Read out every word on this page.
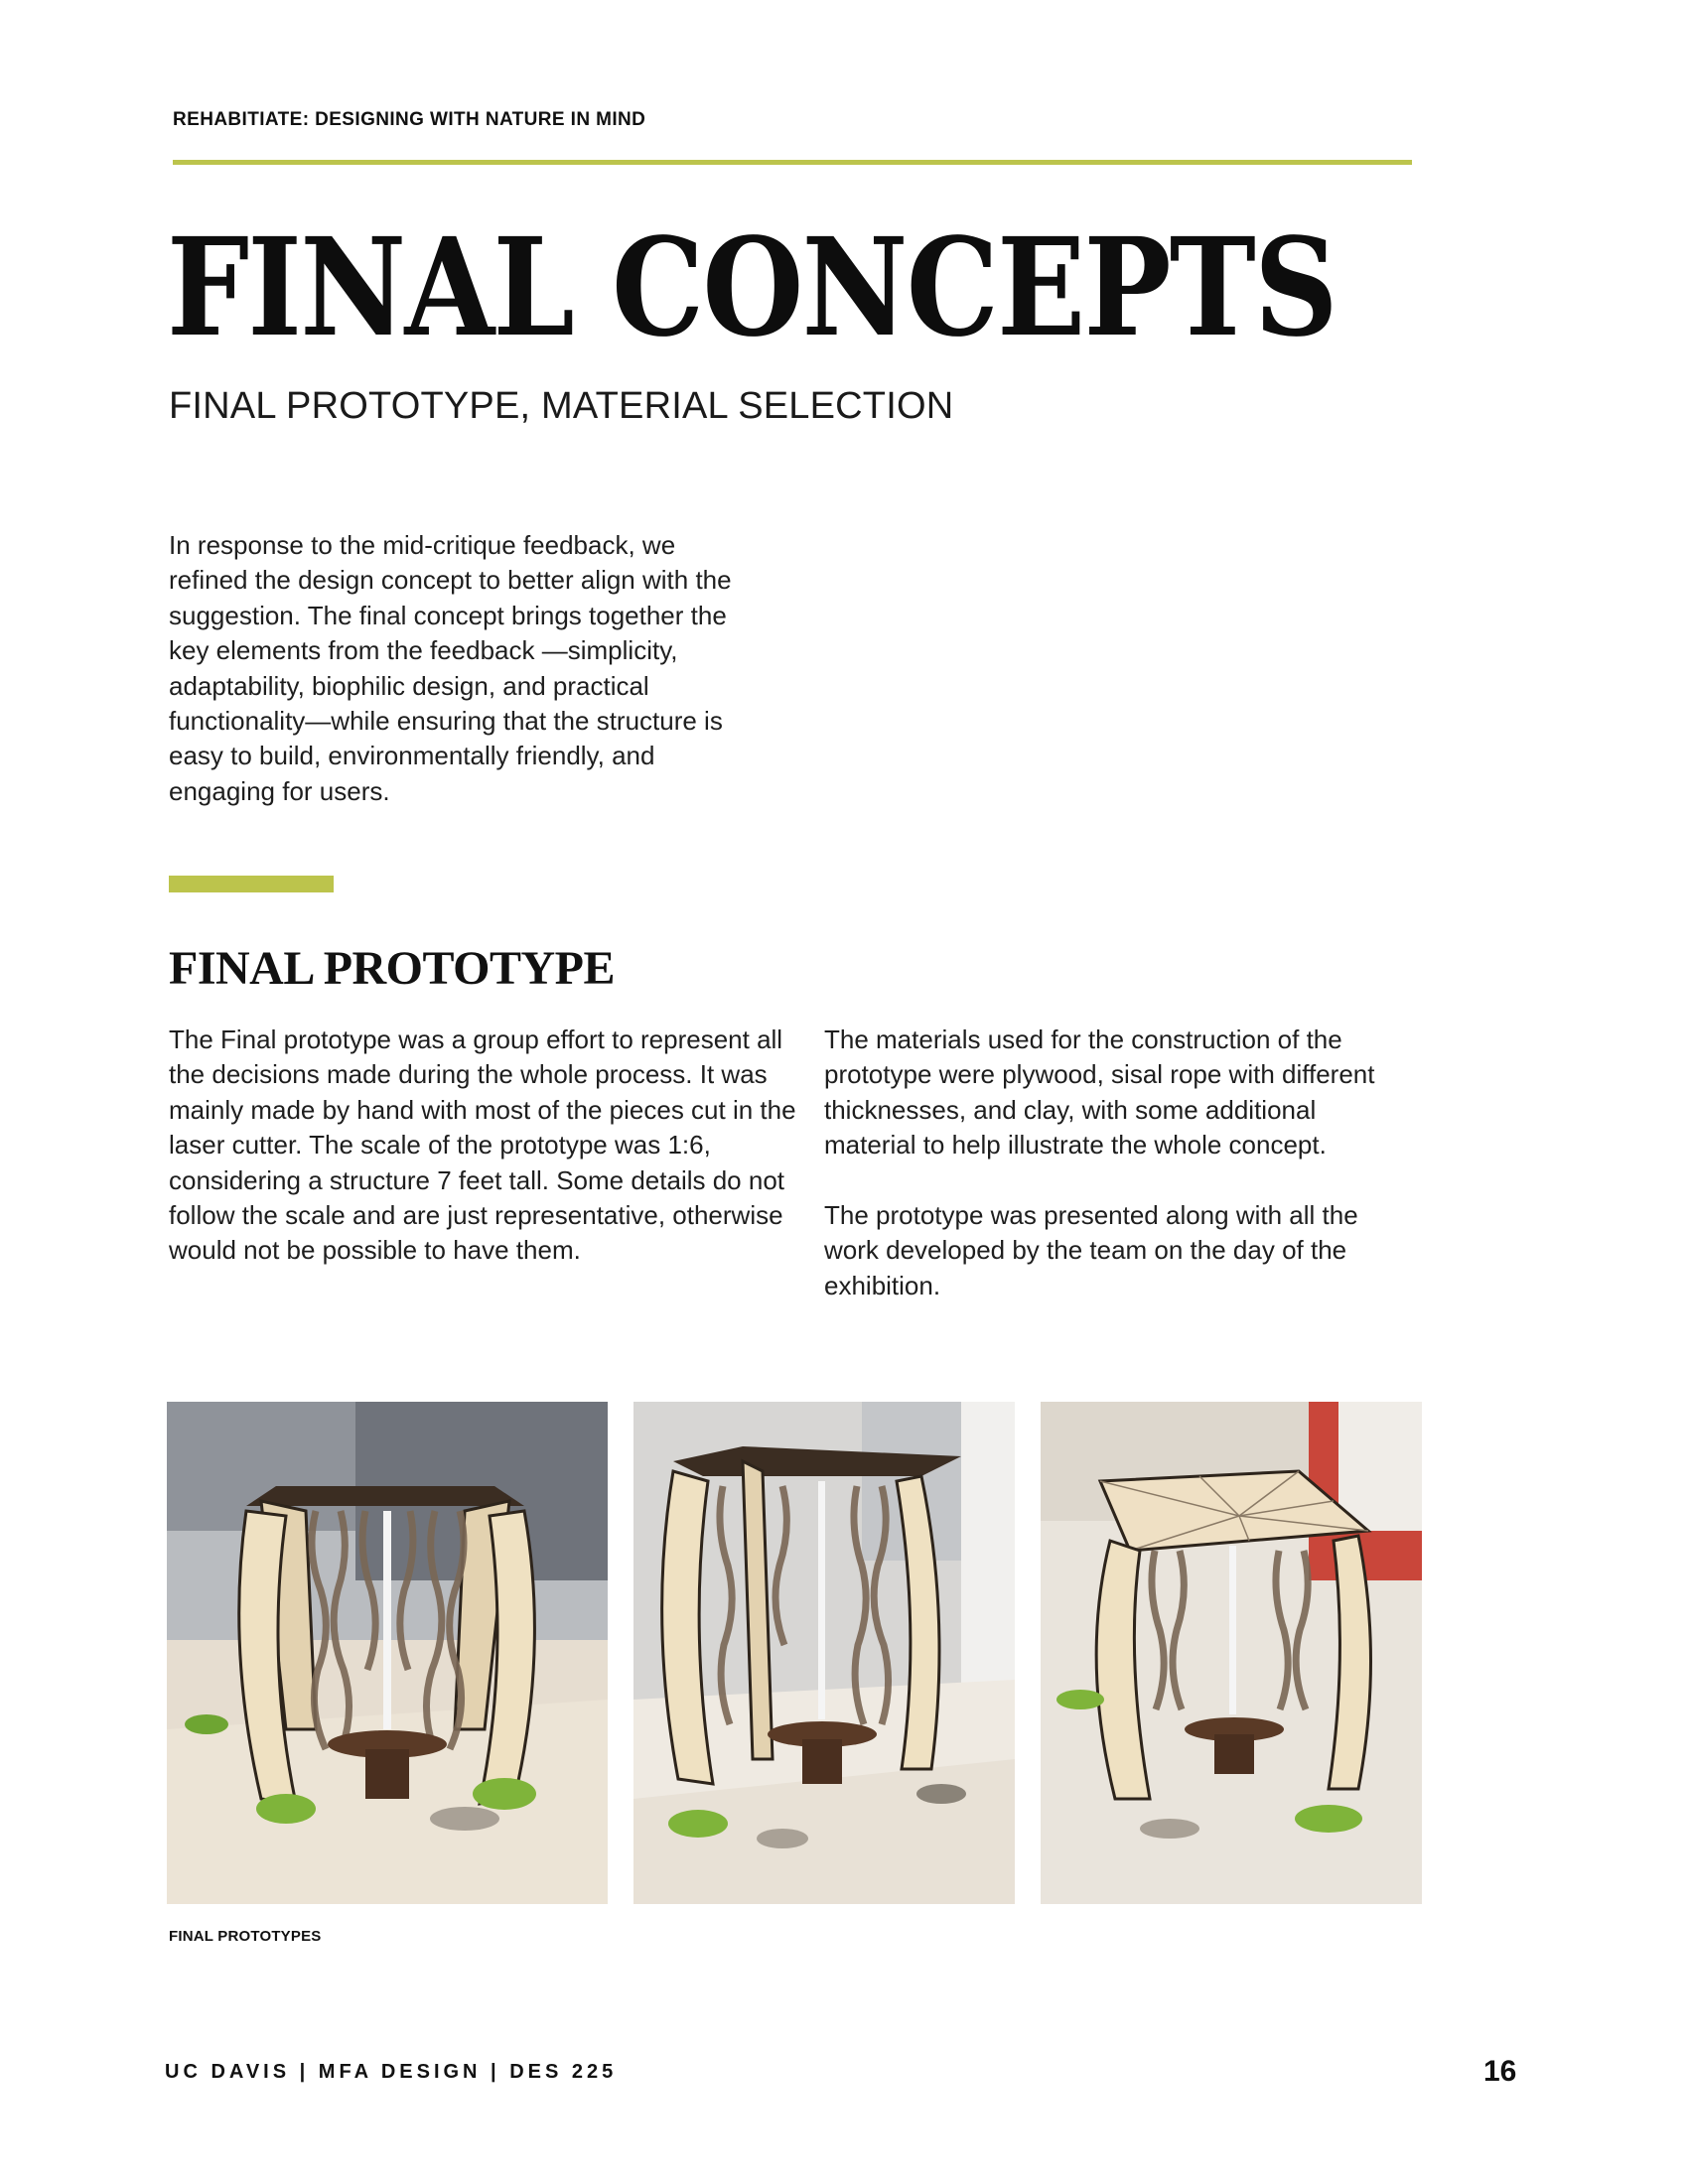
REHABITIATE: DESIGNING WITH NATURE IN MIND
FINAL CONCEPTS
FINAL PROTOTYPE, MATERIAL SELECTION
In response to the mid-critique feedback, we refined the design concept to better align with the suggestion. The final concept brings together the key elements from the feedback —simplicity, adaptability, biophilic design, and practical functionality—while ensuring that the structure is easy to build, environmentally friendly, and engaging for users.
FINAL PROTOTYPE

The Final prototype was a group effort to represent all the decisions made during the whole process. It was mainly made by hand with most of the pieces cut in the laser cutter. The scale of the prototype was 1:6, considering a structure 7 feet tall. Some details do not follow the scale and are just representative, otherwise would not be possible to have them.

The materials used for the construction of the prototype were plywood, sisal rope with different thicknesses, and clay, with some additional material to help illustrate the whole concept.

The prototype was presented along with all the work developed by the team on the day of the exhibition.

FINAL PROTOTYPES
UC DAVIS | MFA DESIGN | DES 225	16
